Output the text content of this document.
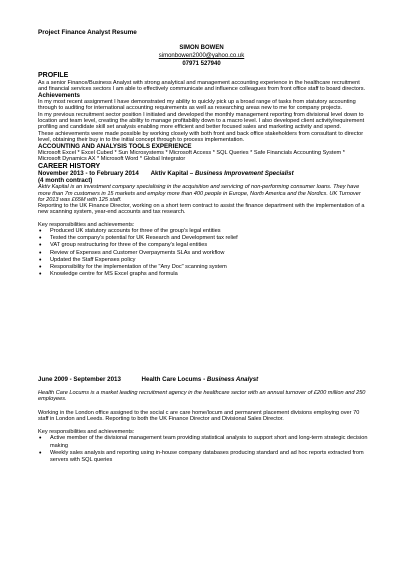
Project Finance Analyst Resume
SIMON BOWEN
simonbowen2000@yahoo.co.uk
07971 527940
PROFILE

As a senior Finance/Business Analyst with strong analytical and management accounting experience in the healthcare recruitment and financial services sectors I am able to effectively communicate and influence colleagues from front office staff to board directors.

Achievements

In my most recent assignment I have demonstrated my ability to quickly pick up a broad range of tasks from statutory accounting through to auditing for international accounting requirements as well as researching areas new to me for company projects.

In my previous recruitment sector position I initiated and developed the monthly management reporting from divisional level down to location and team level, creating the ability to manage profitability down to a macro level. I also developed client activity/requirement profiling and candidate skill set analysis enabling more efficient and better focused sales and marketing activity and spend.

These achievements were made possible by working closely with both front and back office stakeholders from consultant to director level, obtaining their buy in to the initial concept through to process implementation.

ACCOUNTING AND ANALYSIS TOOLS EXPERIENCE

Microsoft Excel * Excel Cubed * Sun Microsystems * Microsoft Access * SQL Queries * Safe Financials Accounting System * Microsoft Dynamics AX * Microsoft Word * Global Integrator

CAREER HISTORY
November 2013 - to February 2014 Aktiv Kapital – Business Improvement Specialist
(4 month contract)

Aktiv Kapital is an investment company specialising in the acquisition and servicing of non-performing consumer loans. They have more than 7m customers in 15 markets and employ more than 400 people in Europe, North America and the Nordics. UK Turnover for 2013 was £65M with 125 staff.

Reporting to the UK Finance Director, working on a short term contract to assist the finance department with the implementation of a new scanning system, year-end accounts and tax research.

Key responsibilities and achievements:

• Produced UK statutory accounts for three of the group's legal entities
• Tested the company's potential for UK Research and Development tax relief
• VAT group restructuring for three of the company's legal entities
• Review of Expenses and Customer Overpayments SLAs and workflow
• Updated the Staff Expenses policy
• Responsibility for the implementation of the "Any Doc" scanning system
• Knowledge centre for MS Excel graphs and formula
June 2009 - September 2013	Health Care Locums - Business Analyst

Health Care Locums is a market leading recruitment agency in the healthcare sector with an annual turnover of £200 million and 250 employees.

Working in the London office assigned to the social c are care home/locum and permanent placement divisions employing over 70 staff in London and Leeds. Reporting to both the UK Finance Director and Divisional Sales Director.

Key responsibilities and achievements:

• Active member of the divisional management team providing statistical analysis to support short and long-term strategic decision making
• Weekly sales analysis and reporting using in-house company databases producing standard and ad hoc reports extracted from servers with SQL queries
